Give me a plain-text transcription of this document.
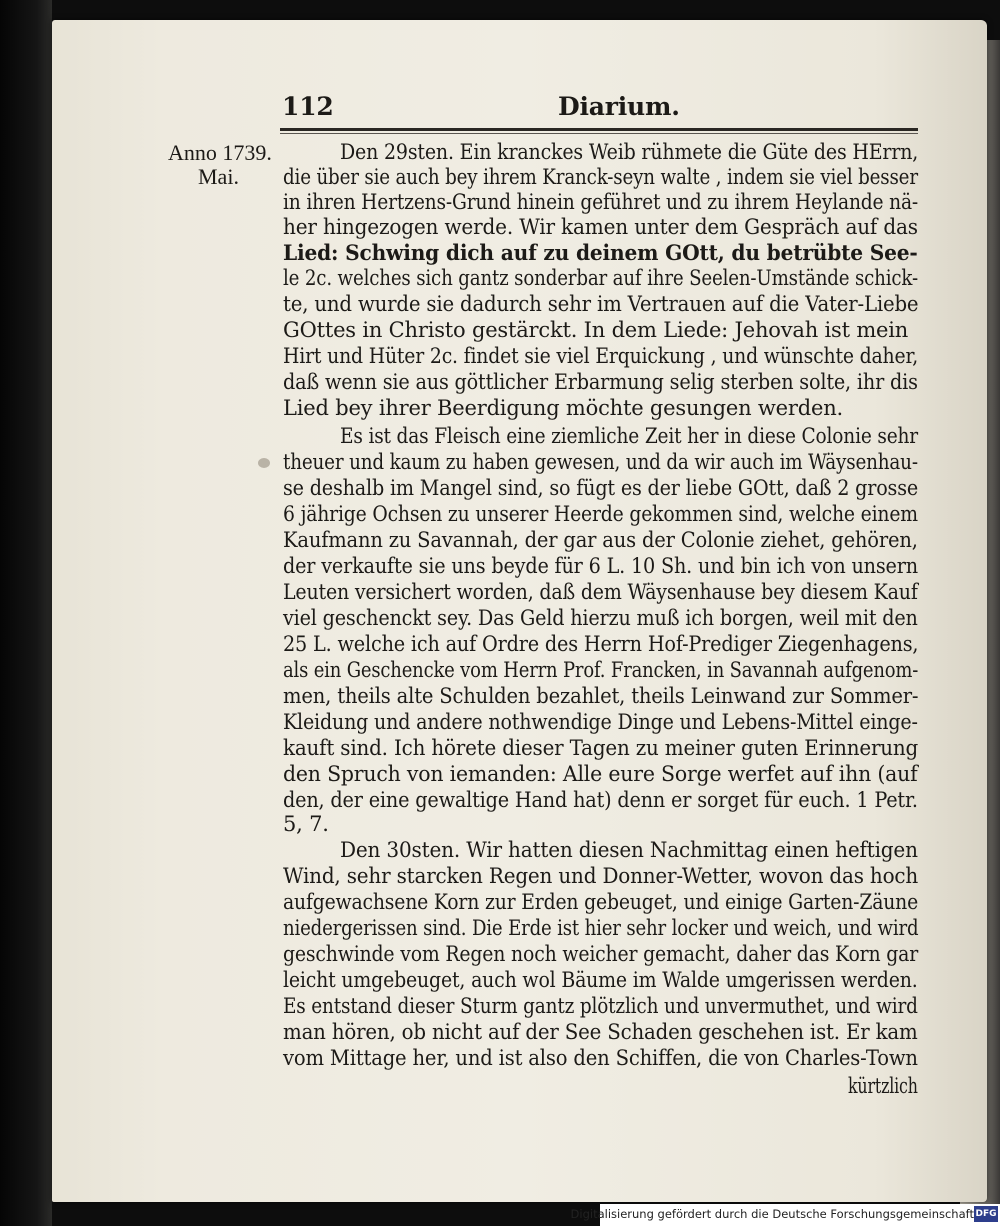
112	Diarium.
Anno 1739.
Mai.
Den 29sten. Ein kranckes Weib rühmete die Güte des HErrn,
die über sie auch bey ihrem Kranck-seyn walte , indem sie viel besser
in ihren Hertzens-Grund hinein geführet und zu ihrem Heylande nä-
her hingezogen werde. Wir kamen unter dem Gespräch auf das
Lied: Schwing dich auf zu deinem GOtt, du betrübte See-
le 2c. welches sich gantz sonderbar auf ihre Seelen-Umstände schick-
te, und wurde sie dadurch sehr im Vertrauen auf die Vater-Liebe
GOttes in Christo gestärckt. In dem Liede: Jehovah ist mein
Hirt und Hüter 2c. findet sie viel Erquickung , und wünschte daher,
daß wenn sie aus göttlicher Erbarmung selig sterben solte, ihr dis
Lied bey ihrer Beerdigung möchte gesungen werden.
Es ist das Fleisch eine ziemliche Zeit her in diese Colonie sehr
theuer und kaum zu haben gewesen, und da wir auch im Wäysenhau-
se deshalb im Mangel sind, so fügt es der liebe GOtt, daß 2 grosse
6 jährige Ochsen zu unserer Heerde gekommen sind, welche einem
Kaufmann zu Savannah, der gar aus der Colonie ziehet, gehören,
der verkaufte sie uns beyde für 6 L. 10 Sh. und bin ich von unsern
Leuten versichert worden, daß dem Wäysenhause bey diesem Kauf
viel geschenckt sey. Das Geld hierzu muß ich borgen, weil mit den
25 L. welche ich auf Ordre des Herrn Hof-Prediger Ziegenhagens,
als ein Geschencke vom Herrn Prof. Francken, in Savannah aufgenom-
men, theils alte Schulden bezahlet, theils Leinwand zur Sommer-
Kleidung und andere nothwendige Dinge und Lebens-Mittel einge-
kauft sind. Ich hörete dieser Tagen zu meiner guten Erinnerung
den Spruch von iemanden: Alle eure Sorge werfet auf ihn (auf
den, der eine gewaltige Hand hat) denn er sorget für euch. 1 Petr.
5, 7.
Den 30sten. Wir hatten diesen Nachmittag einen heftigen
Wind, sehr starcken Regen und Donner-Wetter, wovon das hoch
aufgewachsene Korn zur Erden gebeuget, und einige Garten-Zäune
niedergerissen sind. Die Erde ist hier sehr locker und weich, und wird
geschwinde vom Regen noch weicher gemacht, daher das Korn gar
leicht umgebeuget, auch wol Bäume im Walde umgerissen werden.
Es entstand dieser Sturm gantz plötzlich und unvermuthet, und wird
man hören, ob nicht auf der See Schaden geschehen ist. Er kam
vom Mittage her, und ist also den Schiffen, die von Charles-Town
kürtzlich
Digitalisierung gefördert durch die Deutsche Forschungsgemeinschaft DFG
